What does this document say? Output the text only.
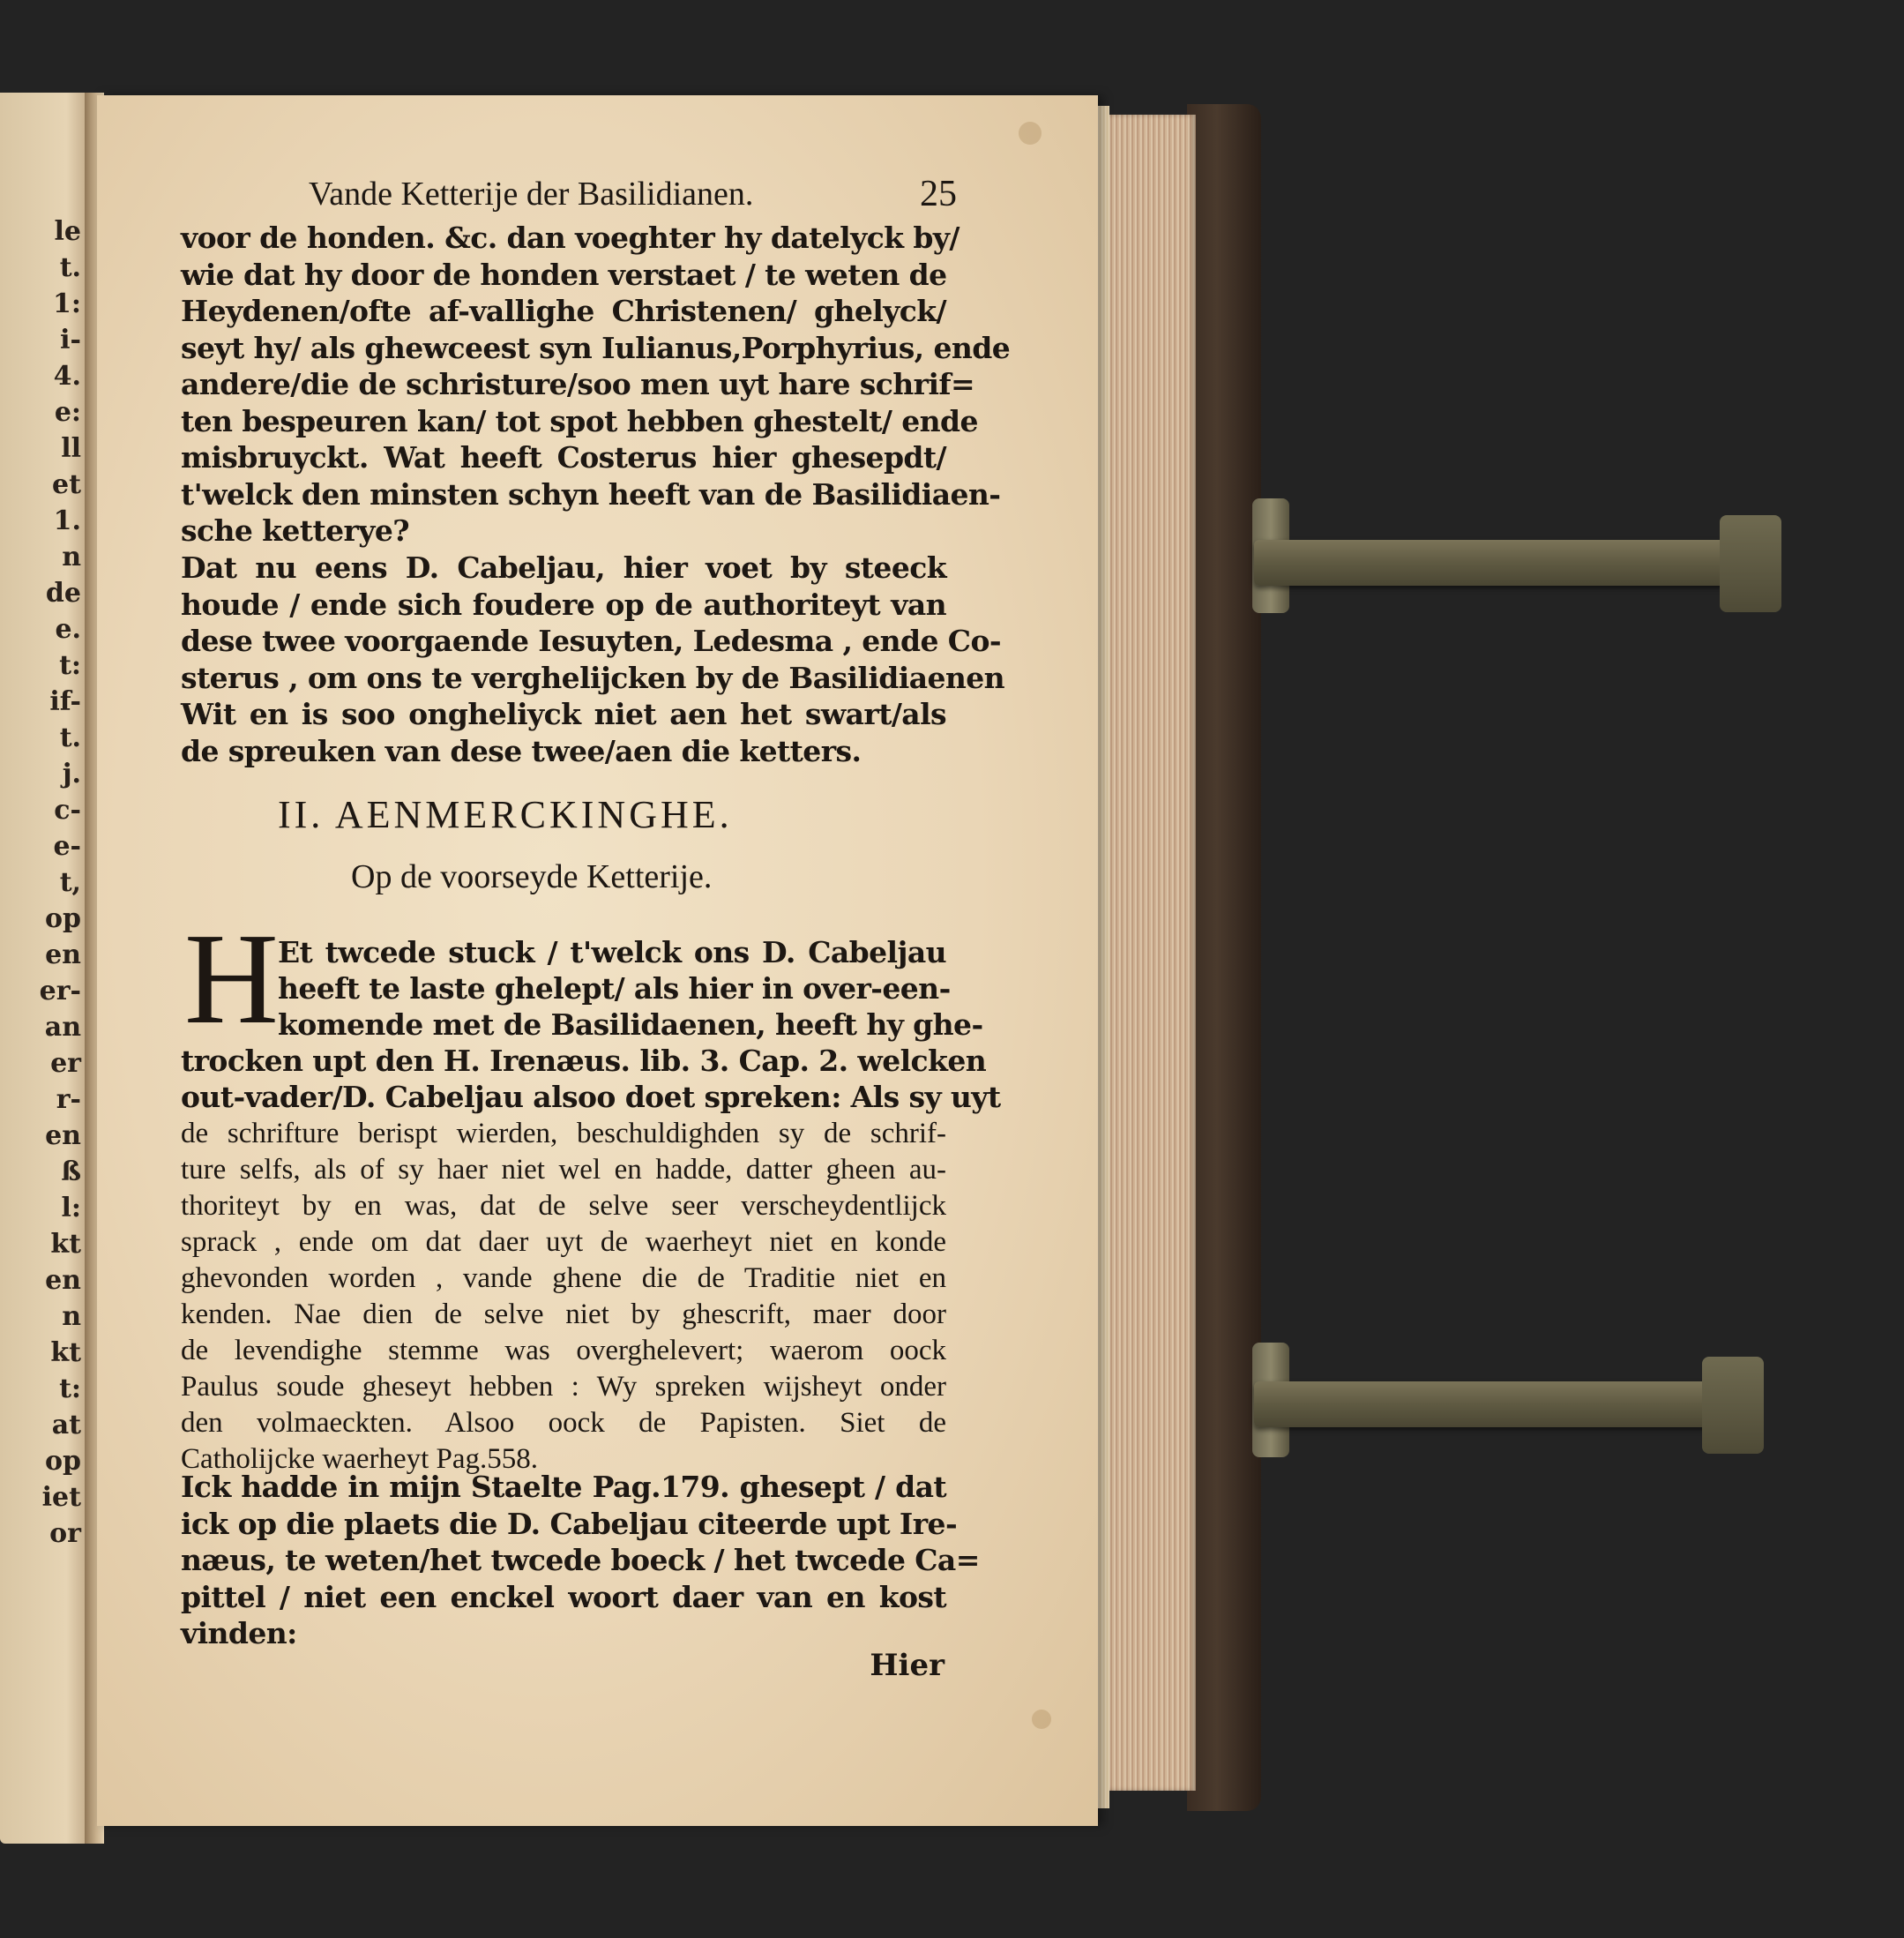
le
t.
1:
i-
4.
e:
ll
et
1.
n
de
e.
t:
if-
t.
j.
c-
e-
t,
op
en
er-
an
er
r-
en
ß
l:
kt
en
n
kt
t:
at
op
iet
or
Vande Ketterije der Basilidianen.	25
voor de honden. &c. dan voeghter hy datelyck by/
wie dat hy door de honden verstaet / te weten de
Heydenen/ofte af-vallighe Christenen/ ghelyck/
seyt hy/ als ghewceest syn Iulianus,Porphyrius, ende
andere/die de schristure/soo men uyt hare schrif=
ten bespeuren kan/ tot spot hebben ghestelt/ ende
misbruyckt. Wat heeft Costerus hier ghesepdt/
t'welck den minsten schyn heeft van de Basilidiaen-
sche ketterye?
Dat nu eens D. Cabeljau, hier voet by steeck
houde / ende sich foudere op de authoriteyt van
dese twee voorgaende Iesuyten, Ledesma , ende Co-
sterus , om ons te verghelijcken by de Basilidiaenen
Wit en is soo ongheliyck niet aen het swart/als
de spreuken van dese twee/aen die ketters.
II. AENMERCKINGHE.
Op de voorseyde Ketterije.
H Et twcede stuck / t'welck ons D. Cabeljau
heeft te laste ghelept/ als hier in over-een-
komende met de Basilidaenen, heeft hy ghe-
trocken upt den H. Irenæus. lib. 3. Cap. 2. welcken
out-vader/D. Cabeljau alsoo doet spreken: Als sy uyt
de schrifture berispt wierden, beschuldighden sy de schrif-
ture selfs, als of sy haer niet wel en hadde, datter gheen au-
thoriteyt by en was, dat de selve seer verscheydentlijck
sprack , ende om dat daer uyt de waerheyt niet en konde
ghevonden worden , vande ghene die de Traditie niet en
kenden. Nae dien de selve niet by ghescrift, maer door
de levendighe stemme was overghelevert; waerom oock
Paulus soude gheseyt hebben : Wy spreken wijsheyt onder
den volmaeckten. Alsoo oock de Papisten. Siet de
Catholijcke waerheyt Pag.558.
Ick hadde in mijn Staelte Pag.179. ghesept / dat
ick op die plaets die D. Cabeljau citeerde upt Ire-
næus, te weten/het twcede boeck / het twcede Ca=
pittel / niet een enckel woort daer van en kost
vinden:
Hier
